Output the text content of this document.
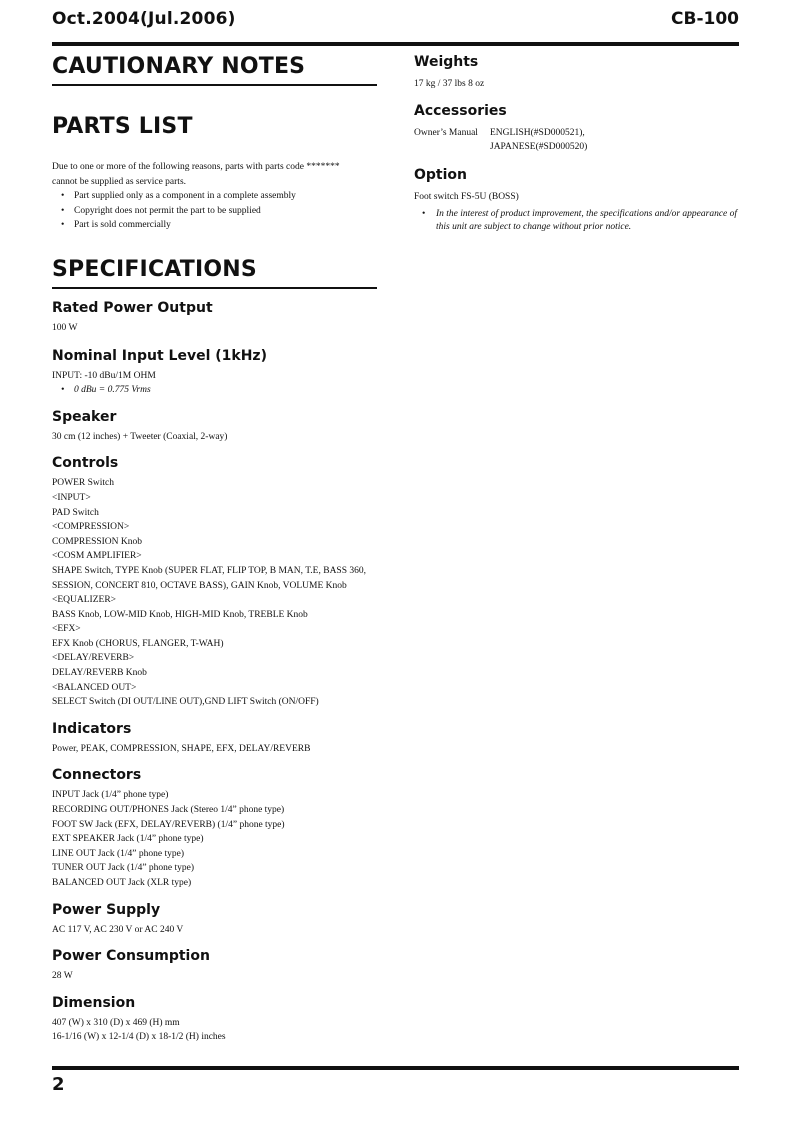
Oct.2004(Jul.2006)	CB-100
CAUTIONARY NOTES
PARTS LIST

Due to one or more of the following reasons, parts with parts code *******

cannot be supplied as service parts.

• Part supplied only as a component in a complete assembly
• Copyright does not permit the part to be supplied
• Part is sold commercially
SPECIFICATIONS
Rated Power Output

100 W

Nominal Input Level (1kHz)

INPUT: -10 dBu/1M OHM

• 0 dBu = 0.775 Vrms
Speaker

30 cm (12 inches) + Tweeter (Coaxial, 2-way)

Controls

POWER Switch

<INPUT>

PAD Switch

<COMPRESSION>

COMPRESSION Knob

<COSM AMPLIFIER>

SHAPE Switch, TYPE Knob (SUPER FLAT, FLIP TOP, B MAN, T.E, BASS 360,

SESSION, CONCERT 810, OCTAVE BASS), GAIN Knob, VOLUME Knob

<EQUALIZER>

BASS Knob, LOW-MID Knob, HIGH-MID Knob, TREBLE Knob

<EFX>

EFX Knob (CHORUS, FLANGER, T-WAH)

<DELAY/REVERB>

DELAY/REVERB Knob

<BALANCED OUT>

SELECT Switch (DI OUT/LINE OUT),GND LIFT Switch (ON/OFF)

Indicators

Power, PEAK, COMPRESSION, SHAPE, EFX, DELAY/REVERB

Connectors

INPUT Jack (1/4” phone type)

RECORDING OUT/PHONES Jack (Stereo 1/4” phone type)

FOOT SW Jack (EFX, DELAY/REVERB) (1/4” phone type)

EXT SPEAKER Jack (1/4” phone type)

LINE OUT Jack (1/4” phone type)

TUNER OUT Jack (1/4” phone type)

BALANCED OUT Jack (XLR type)

Power Supply

AC 117 V, AC 230 V or AC 240 V

Power Consumption

28 W

Dimension

407 (W) x 310 (D) x 469 (H) mm

16-1/16 (W) x 12-1/4 (D) x 18-1/2 (H) inches

Weights

17 kg / 37 lbs 8 oz

Accessories
Owner’s Manual	ENGLISH(#SD000521),
JAPANESE(#SD000520)
Option

Foot switch FS-5U (BOSS)

• In the interest of product improvement, the specifications and/or appearance of
this unit are subject to change without prior notice.
2
